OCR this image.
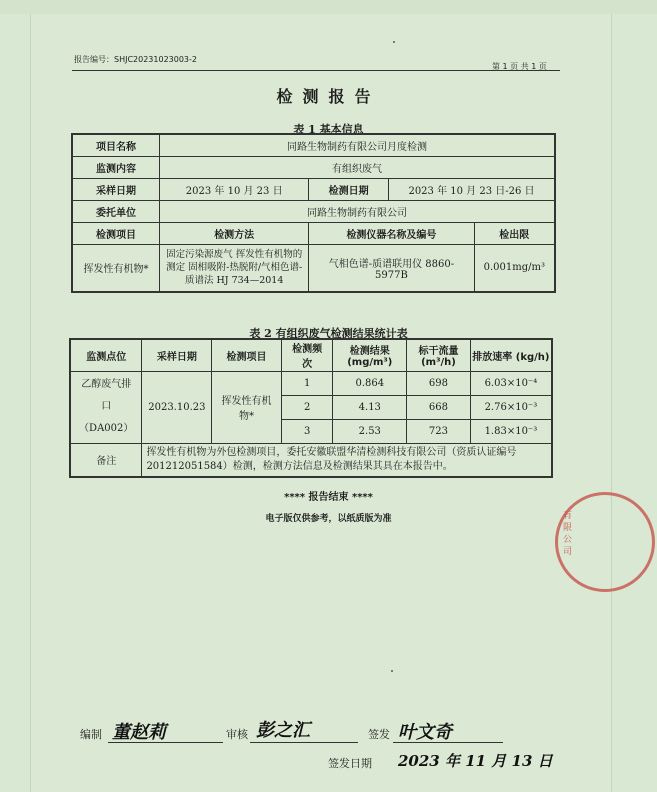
报告编号：SHJC20231023003-2
第 1 页 共 1 页
检测报告
表 1 基本信息
项目名称	同路生物制药有限公司月度检测			
监测内容	有组织废气			
采样日期	2023 年 10 月 23 日	检测日期	2023 年 10 月 23 日-26 日	
委托单位	同路生物制药有限公司			
检测项目	检测方法	检测仪器名称及编号		检出限
挥发性有机物*	固定污染源废气 挥发性有机物的测定 固相吸附-热脱附/气相色谱-质谱法 HJ 734—2014	气相色谱-质谱联用仪 8860-5977B		0.001mg/m³
表 2 有组织废气检测结果统计表
监测点位	采样日期	检测项目	检测频次	检测结果 (mg/m³)	标干流量 (m³/h)	排放速率 (kg/h)
乙醇废气排口（DA002）	2023.10.23	挥发性有机物*	1	0.864	698	6.03×10⁻⁴
			2	4.13	668	2.76×10⁻³
			3	2.53	723	1.83×10⁻³
备注	挥发性有机物为外包检测项目，委托安徽联盟华清检测科技有限公司（资质认证编号 201212051584）检测，检测方法信息及检测结果其具在本报告中。					
**** 报告结束 ****
电子版仅供参考，以纸质版为准	有限公司
编制 董赵莉	审核 彭之汇	签发 叶文奇
签发日期 2023 年 11 月 13 日
